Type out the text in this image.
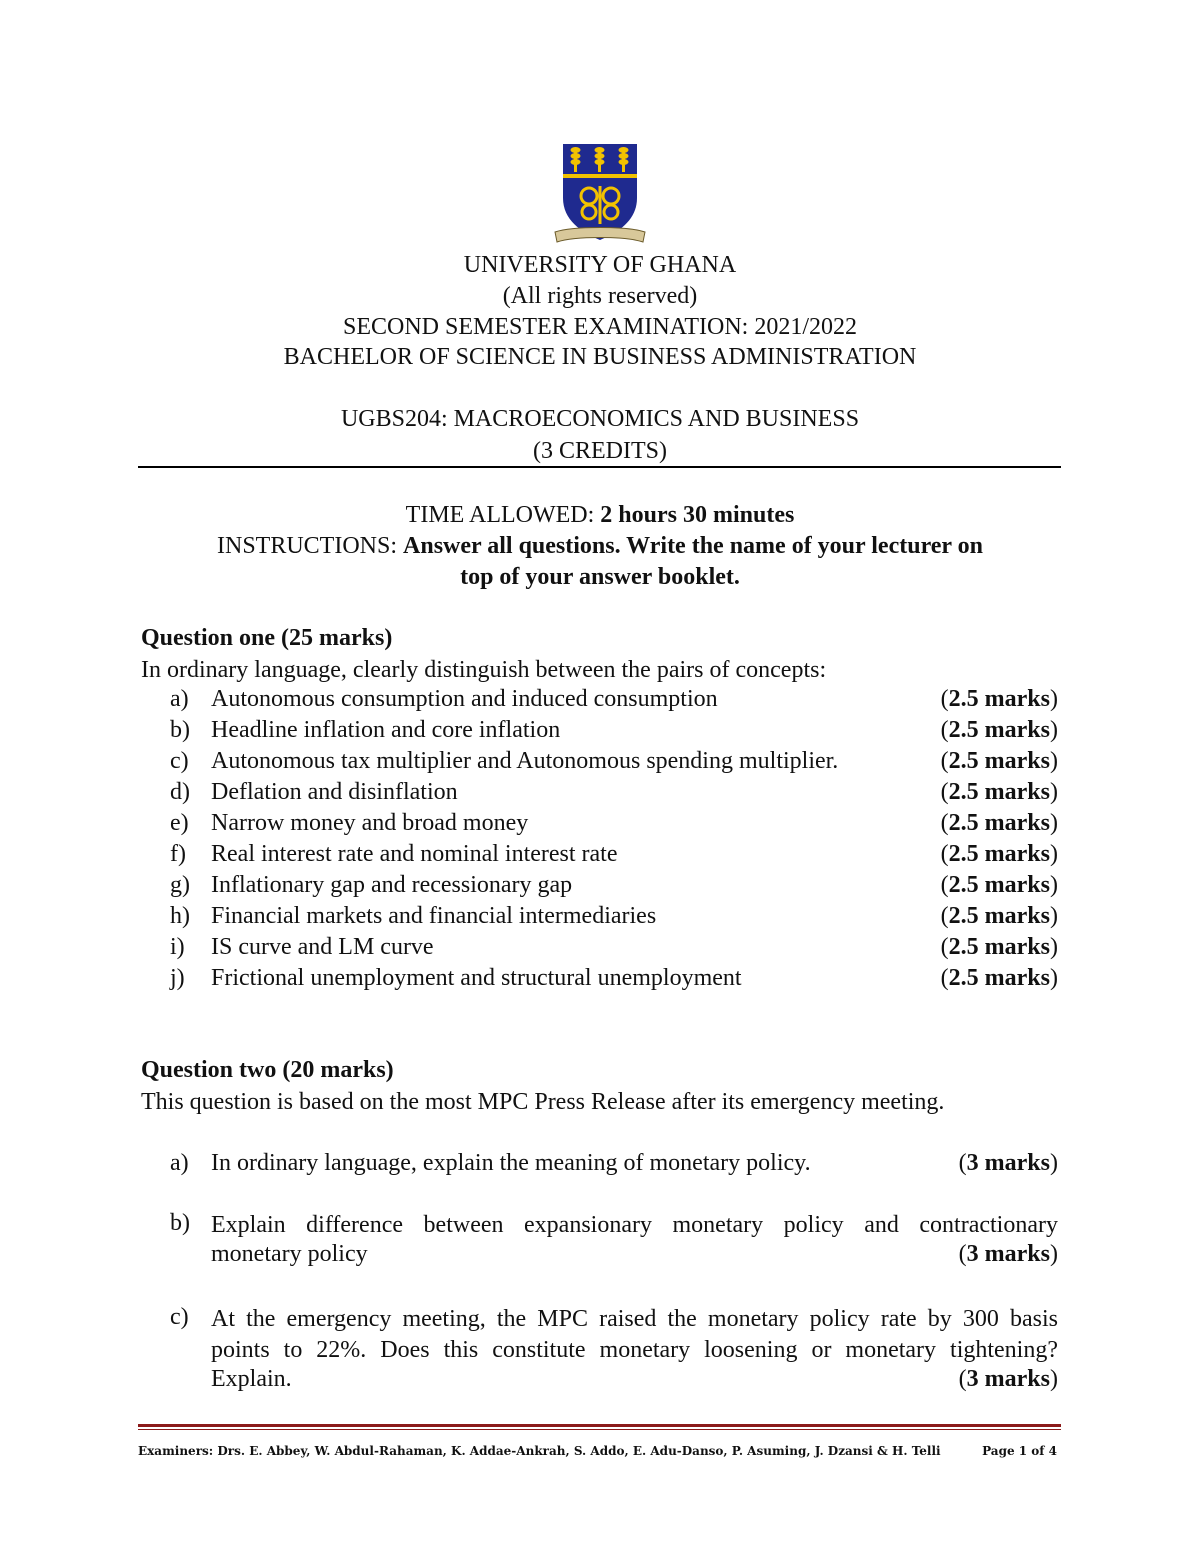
UNIVERSITY OF GHANA
(All rights reserved)
SECOND SEMESTER EXAMINATION: 2021/2022
BACHELOR OF SCIENCE IN BUSINESS ADMINISTRATION
UGBS204: MACROECONOMICS AND BUSINESS
(3 CREDITS)
TIME ALLOWED: 2 hours 30 minutes
INSTRUCTIONS: Answer all questions. Write the name of your lecturer on
top of your answer booklet.
Question one (25 marks)
In ordinary language, clearly distinguish between the pairs of concepts:
a) Autonomous consumption and induced consumption	(2.5 marks)
b) Headline inflation and core inflation	(2.5 marks)
c) Autonomous tax multiplier and Autonomous spending multiplier.	(2.5 marks)
d) Deflation and disinflation	(2.5 marks)
e) Narrow money and broad money	(2.5 marks)
f) Real interest rate and nominal interest rate	(2.5 marks)
g) Inflationary gap and recessionary gap	(2.5 marks)
h) Financial markets and financial intermediaries	(2.5 marks)
i) IS curve and LM curve	(2.5 marks)
j) Frictional unemployment and structural unemployment	(2.5 marks)
Question two (20 marks)
This question is based on the most MPC Press Release after its emergency meeting.
a) In ordinary language, explain the meaning of monetary policy.	(3 marks)
b) Explain difference between expansionary monetary policy and contractionary
monetary policy	(3 marks)
c) At the emergency meeting, the MPC raised the monetary policy rate by 300 basis
points to 22%. Does this constitute monetary loosening or monetary tightening?
Explain.	(3 marks)
Examiners: Drs. E. Abbey, W. Abdul-Rahaman, K. Addae-Ankrah, S. Addo, E. Adu-Danso, P. Asuming, J. Dzansi & H. Telli	Page 1 of 4
